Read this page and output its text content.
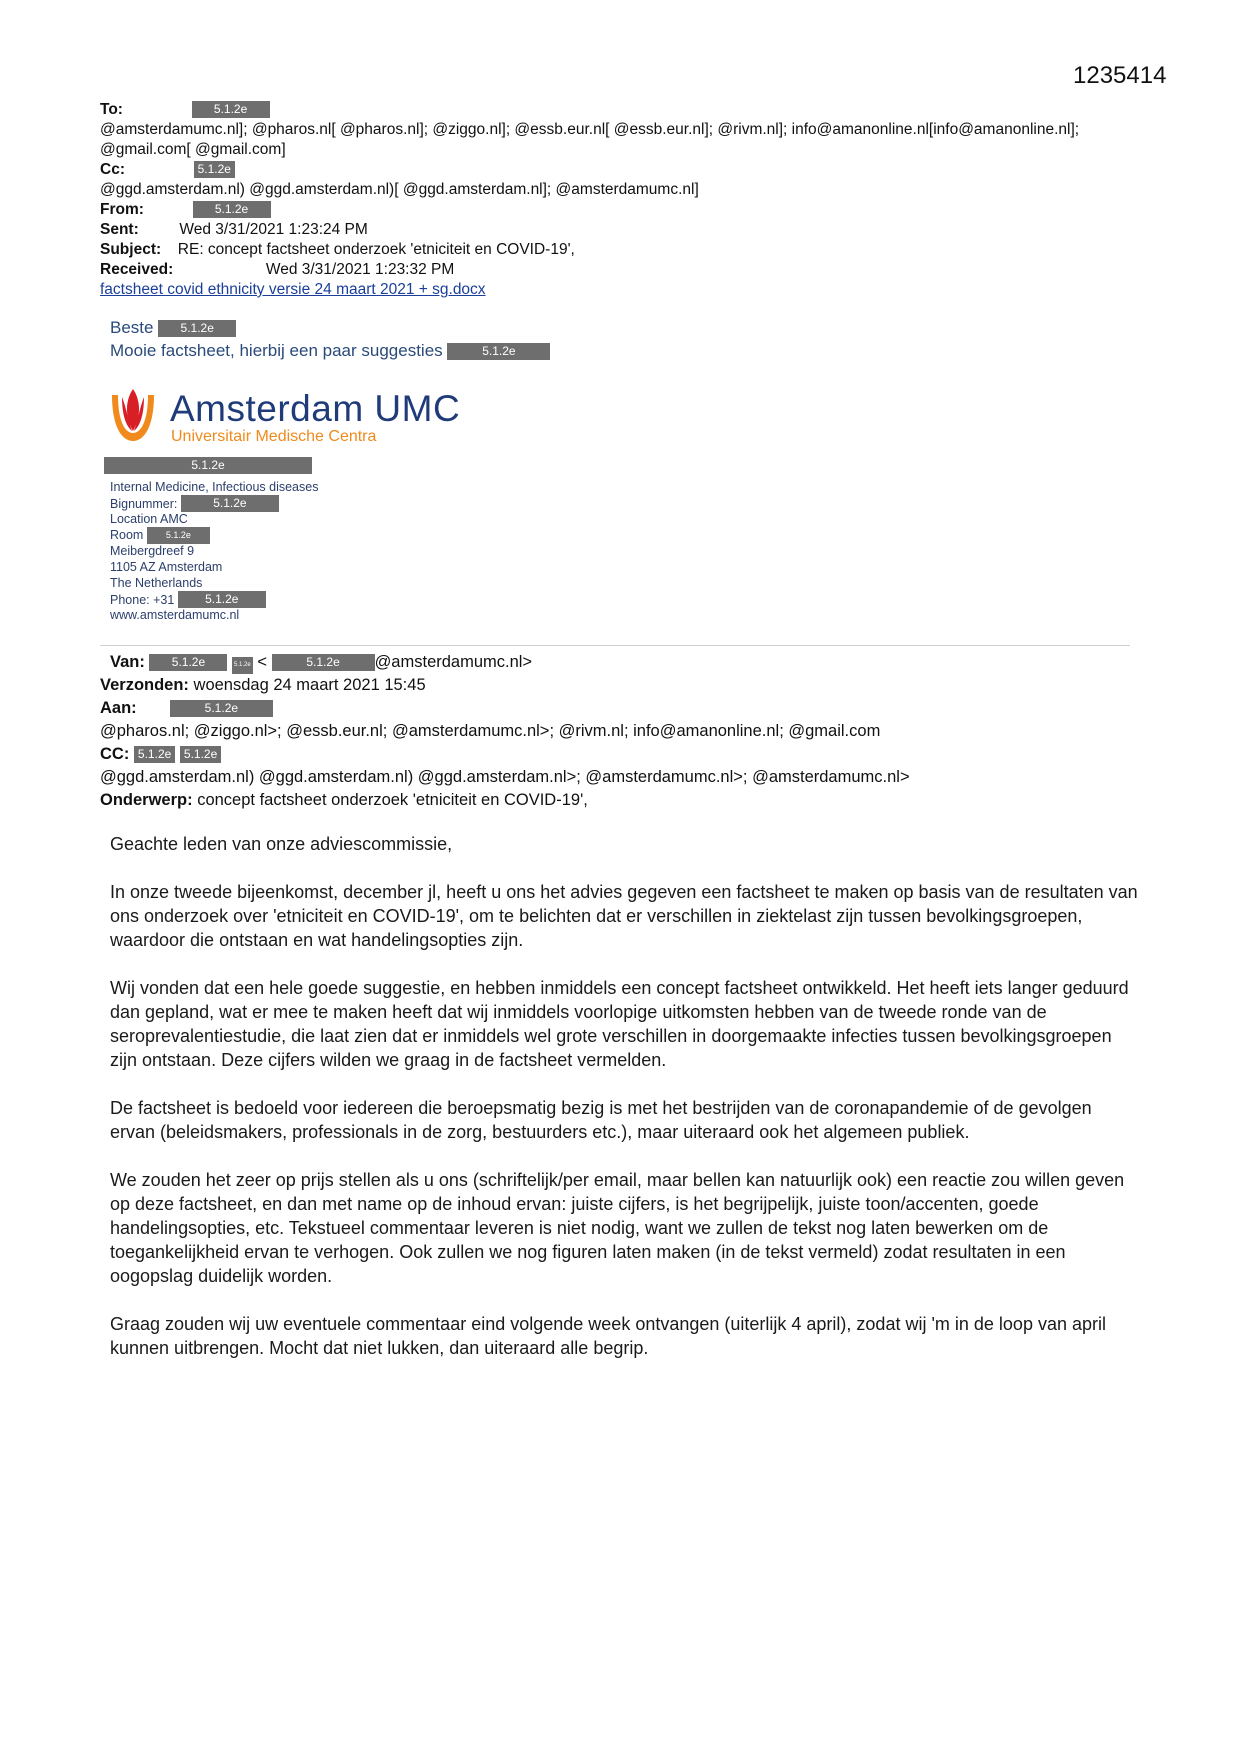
1235414
To:	5.1.2e
@amsterdamumc.nl]; @pharos.nl[ @pharos.nl]; @ziggo.nl]; @essb.eur.nl[ @essb.eur.nl]; @rivm.nl]; info@amanonline.nl[info@amanonline.nl]; @gmail.com[ @gmail.com]
Cc:	5.1.2e
@ggd.amsterdam.nl) @ggd.amsterdam.nl)[ @ggd.amsterdam.nl]; @amsterdamumc.nl]
From:	5.1.2e
Sent:	Wed 3/31/2021 1:23:24 PM
Subject: RE: concept factsheet onderzoek 'etniciteit en COVID-19',
Received:	Wed 3/31/2021 1:23:32 PM
factsheet covid ethnicity versie 24 maart 2021 + sg.docx
Beste 5.1.2e
Mooie factsheet, hierbij een paar suggesties	5.1.2e
Amsterdam UMC
Universitair Medische Centra
5.1.2e
Internal Medicine, Infectious diseases
Bignummer:	5.1.2e
Location AMC
Room 5.1.2e
Meibergdreef 9
1105 AZ Amsterdam
The Netherlands
Phone: +31	5.1.2e
www.amsterdamumc.nl
Van: 5.1.2e	5.1.2e <	5.1.2e @amsterdamumc.nl>
Verzonden: woensdag 24 maart 2021 15:45
Aan:	5.1.2e
@pharos.nl; @ziggo.nl>; @essb.eur.nl; @amsterdamumc.nl>; @rivm.nl; info@amanonline.nl; @gmail.com
CC: 5.1.2e 5.1.2e
@ggd.amsterdam.nl) @ggd.amsterdam.nl) @ggd.amsterdam.nl>; @amsterdamumc.nl>; @amsterdamumc.nl>
Onderwerp: concept factsheet onderzoek 'etniciteit en COVID-19',

Geachte leden van onze adviescommissie,

In onze tweede bijeenkomst, december jl, heeft u ons het advies gegeven een factsheet te maken op basis van de resultaten van ons onderzoek over 'etniciteit en COVID-19', om te belichten dat er verschillen in ziektelast zijn tussen bevolkingsgroepen, waardoor die ontstaan en wat handelingsopties zijn.

Wij vonden dat een hele goede suggestie, en hebben inmiddels een concept factsheet ontwikkeld. Het heeft iets langer geduurd dan gepland, wat er mee te maken heeft dat wij inmiddels voorlopige uitkomsten hebben van de tweede ronde van de seroprevalentiestudie, die laat zien dat er inmiddels wel grote verschillen in doorgemaakte infecties tussen bevolkingsgroepen zijn ontstaan. Deze cijfers wilden we graag in de factsheet vermelden.

De factsheet is bedoeld voor iedereen die beroepsmatig bezig is met het bestrijden van de coronapandemie of de gevolgen ervan (beleidsmakers, professionals in de zorg, bestuurders etc.), maar uiteraard ook het algemeen publiek.

We zouden het zeer op prijs stellen als u ons (schriftelijk/per email, maar bellen kan natuurlijk ook) een reactie zou willen geven op deze factsheet, en dan met name op de inhoud ervan: juiste cijfers, is het begrijpelijk, juiste toon/accenten, goede handelingsopties, etc. Tekstueel commentaar leveren is niet nodig, want we zullen de tekst nog laten bewerken om de toegankelijkheid ervan te verhogen. Ook zullen we nog figuren laten maken (in de tekst vermeld) zodat resultaten in een oogopslag duidelijk worden.

Graag zouden wij uw eventuele commentaar eind volgende week ontvangen (uiterlijk 4 april), zodat wij 'm in de loop van april kunnen uitbrengen. Mocht dat niet lukken, dan uiteraard alle begrip.
